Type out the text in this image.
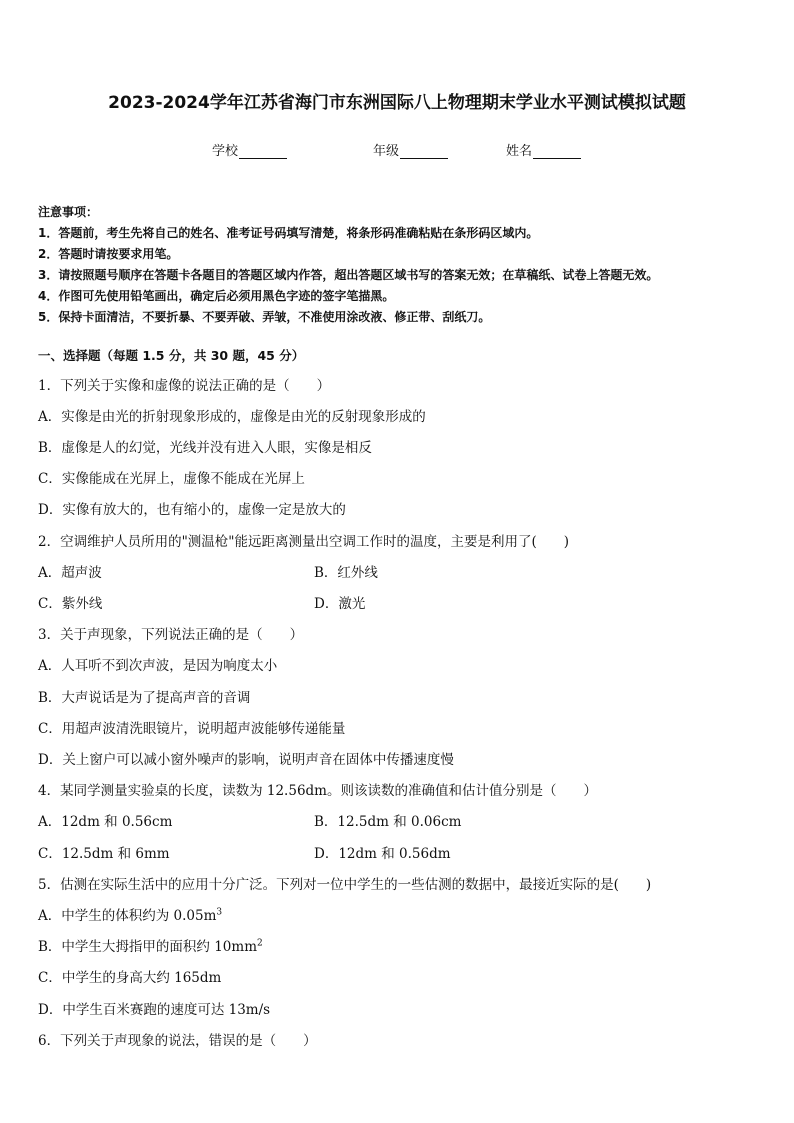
2023-2024学年江苏省海门市东洲国际八上物理期末学业水平测试模拟试题
学校	年级	姓名
注意事项：
1．答题前，考生先将自己的姓名、准考证号码填写清楚，将条形码准确粘贴在条形码区域内。
2．答题时请按要求用笔。
3．请按照题号顺序在答题卡各题目的答题区域内作答，超出答题区域书写的答案无效；在草稿纸、试卷上答题无效。
4．作图可先使用铅笔画出，确定后必须用黑色字迹的签字笔描黑。
5．保持卡面清洁，不要折暴、不要弄破、弄皱，不准使用涂改液、修正带、刮纸刀。
一、选择题（每题 1.5 分，共 30 题，45 分）
1．下列关于实像和虚像的说法正确的是（　　）
A．实像是由光的折射现象形成的，虚像是由光的反射现象形成的
B．虚像是人的幻觉，光线并没有进入人眼，实像是相反
C．实像能成在光屏上，虚像不能成在光屏上
D．实像有放大的，也有缩小的，虚像一定是放大的
2．空调维护人员所用的"测温枪"能远距离测量出空调工作时的温度，主要是利用了(　　)
A．超声波	B．红外线
C．紫外线	D．激光
3．关于声现象，下列说法正确的是（　　）
A．人耳听不到次声波，是因为响度太小
B．大声说话是为了提高声音的音调
C．用超声波清洗眼镜片，说明超声波能够传递能量
D．关上窗户可以减小窗外噪声的影响，说明声音在固体中传播速度慢
4．某同学测量实验桌的长度，读数为 12.56dm。则该读数的准确值和估计值分别是（　　）
A．12dm 和 0.56cm	B．12.5dm 和 0.06cm
C．12.5dm 和 6mm	D．12dm 和 0.56dm
5．估测在实际生活中的应用十分广泛。下列对一位中学生的一些估测的数据中，最接近实际的是(　　)
A．中学生的体积约为 $0.05m^3$
B．中学生大拇指甲的面积约 $10mm^2$
C．中学生的身高大约 165dm
D．中学生百米赛跑的速度可达 13m/s
6．下列关于声现象的说法，错误的是（　　）
